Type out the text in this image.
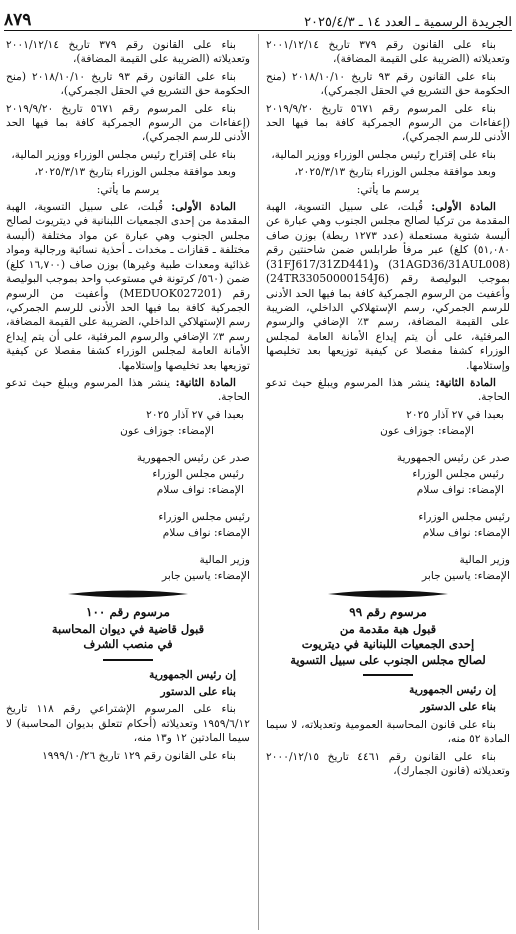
٨٧٩	الجريدة الرسمية ـ العدد ١٤ ـ ٢٠٢٥/٤/٣

بناء على القانون رقم ٣٧٩ تاريخ ٢٠٠١/١٢/١٤ وتعديلاته (الضريبة على القيمة المضافة)،

بناء على القانون رقم ٩٣ تاريخ ٢٠١٨/١٠/١٠ (منح الحكومة حق التشريع في الحقل الجمركي)،

بناء على المرسوم رقم ٥٦٧١ تاريخ ٢٠١٩/٩/٢٠ (إعفاءات من الرسوم الجمركية كافة بما فيها الحد الأدنى للرسم الجمركي)،

بناء على إقتراح رئيس مجلس الوزراء ووزير المالية،

وبعد موافقة مجلس الوزراء بتاريخ ٢٠٢٥/٣/١٣،

يرسم ما يأتي:

المادة الأولى: قُبلت، على سبيل التسوية، الهبة المقدمة من تركيا لصالح مجلس الجنوب وهي عبارة عن ألبسة شتوية مستعملة (عدد ١٢٧٣ ربطة) بوزن صاف ٥١,٠٨٠) كلغ) عبر مرفأ طرابلس ضمن شاحنتين رقم (31AGD36/31AUL008) و(31FJ617/31ZD441) بموجب البوليصة رقم (24TR33050000154J6) وأعفيت من الرسوم الجمركية كافة بما فيها الحد الأدنى للرسم الجمركي، رسم الإستهلاكي الداخلي، الضريبة على القيمة المضافة، رسم ٣٪ الإضافي والرسوم المرفئية، على أن يتم إيداع الأمانة العامة لمجلس الوزراء كشفا مفصلا عن كيفية توزيعها بعد تخليصها وإستلامها.

المادة الثانية: ينشر هذا المرسوم ويبلغ حيث تدعو الحاجة.

بعبدا في ٢٧ آذار ٢٠٢٥

الإمضاء: جوزاف عون

صدر عن رئيس الجمهورية

رئيس مجلس الوزراء

الإمضاء: نواف سلام

رئيس مجلس الوزراء

الإمضاء: نواف سلام

وزير المالية

الإمضاء: ياسين جابر

مرسوم رقم ٩٩

قبول هبة مقدمة من

إحدى الجمعيات اللبنانية في ديتريوت

لصالح مجلس الجنوب على سبيل التسوية

إن رئيس الجمهورية

بناء على الدستور

بناء على قانون المحاسبة العمومية وتعديلاته، لا سيما المادة ٥٢ منه،

بناء على القانون رقم ٤٤٦١ تاريخ ٢٠٠٠/١٢/١٥ وتعديلاته (قانون الجمارك)،

بناء على القانون رقم ٣٧٩ تاريخ ٢٠٠١/١٢/١٤ وتعديلاته (الضريبة على القيمة المضافة)،

بناء على القانون رقم ٩٣ تاريخ ٢٠١٨/١٠/١٠ (منح الحكومة حق التشريع في الحقل الجمركي)،

بناء على المرسوم رقم ٥٦٧١ تاريخ ٢٠١٩/٩/٢٠ (إعفاءات من الرسوم الجمركية كافة بما فيها الحد الأدنى للرسم الجمركي)،

بناء على إقتراح رئيس مجلس الوزراء ووزير المالية،

وبعد موافقة مجلس الوزراء بتاريخ ٢٠٢٥/٣/١٣،

يرسم ما يأتي:

المادة الأولى: قُبلت، على سبيل التسوية، الهبة المقدمة من إحدى الجمعيات اللبنانية في ديتريوت لصالح مجلس الجنوب وهي عبارة عن مواد مختلفة (ألبسة مختلفة ـ قفازات ـ مخدات ـ أحذية نسائية ورجالية ومواد غذائية ومعدات طبية وغيرها) بوزن صاف (١٦,٧٠٠ كلغ) ضمن (٥٦٠/ كرتونة في مستوعب واحد بموجب البوليصة رقم (MEDUOK027201) وأعفيت من الرسوم الجمركية كافة بما فيها الحد الأدنى للرسم الجمركي، رسم الإستهلاكي الداخلي، الضريبة على القيمة المضافة، رسم ٣٪ الإضافي والرسوم المرفئية، على أن يتم إيداع الأمانة العامة لمجلس الوزراء كشفا مفصلا عن كيفية توزيعها بعد تخليصها وإستلامها.

المادة الثانية: ينشر هذا المرسوم ويبلغ حيث تدعو الحاجة.

بعبدا في ٢٧ آذار ٢٠٢٥

الإمضاء: جوزاف عون

صدر عن رئيس الجمهورية

رئيس مجلس الوزراء

الإمضاء: نواف سلام

رئيس مجلس الوزراء

الإمضاء: نواف سلام

وزير المالية

الإمضاء: ياسين جابر

مرسوم رقم ١٠٠

قبول قاضية في ديوان المحاسبة

في منصب الشرف

إن رئيس الجمهورية

بناء على الدستور

بناء على المرسوم الإشتراعي رقم ١١٨ تاريخ ١٩٥٩/٦/١٢ وتعديلاته (أحكام تتعلق بديوان المحاسبة) لا سيما المادتين ١٢ و١٣ منه،

بناء على القانون رقم ١٢٩ تاريخ ١٩٩٩/١٠/٢٦
